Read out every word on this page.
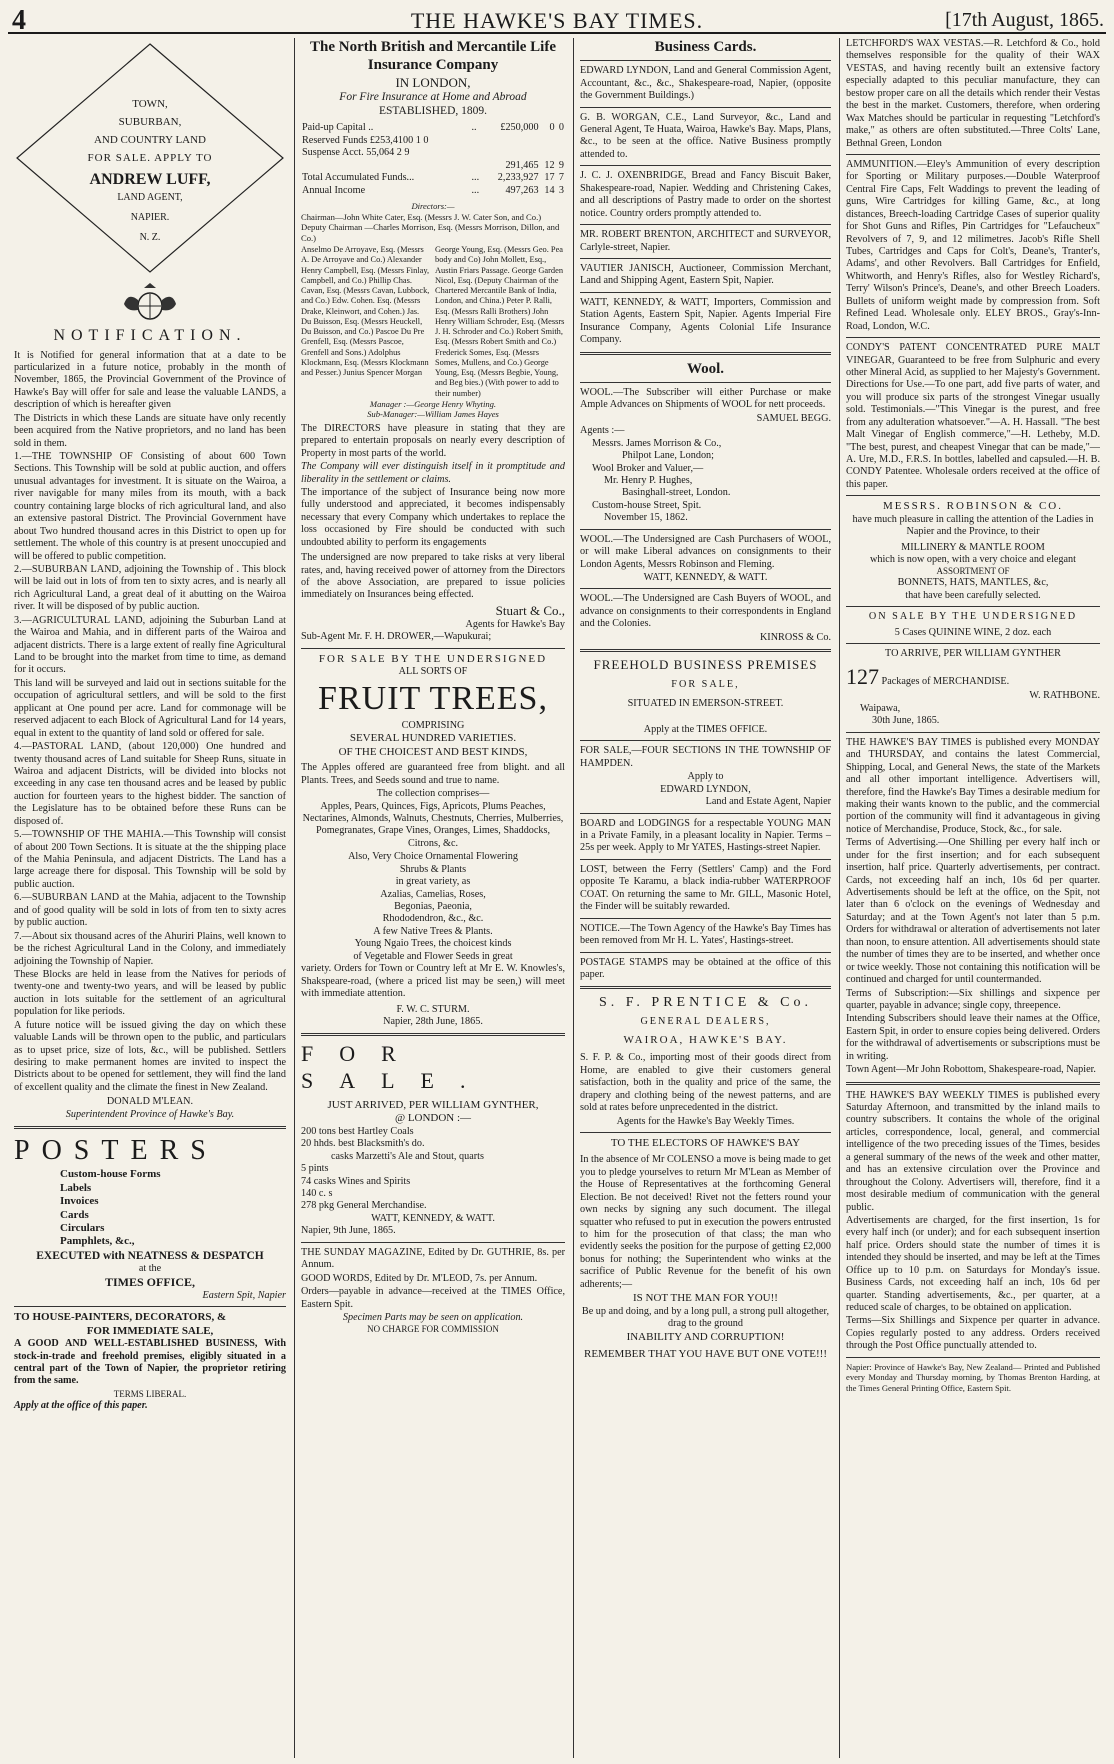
4	THE HAWKE'S BAY TIMES.	[17th August, 1865.
TOWN,
SUBURBAN,
AND COUNTRY LAND
FOR SALE. APPLY TO
ANDREW LUFF,
LAND AGENT,
NAPIER.
N. Z.
NOTIFICATION.

It is Notified for general information that at a date to be particularized in a future notice, probably in the month of November, 1865, the Provincial Government of the Province of Hawke's Bay will offer for sale and lease the valuable LANDS, a description of which is hereafter given

The Districts in which these Lands are situate have only recently been acquired from the Native proprietors, and no land has been sold in them.

1.—THE TOWNSHIP OF Consisting of about 600 Town Sections. This Township will be sold at public auction, and offers unusual advantages for investment. It is situate on the Wairoa, a river navigable for many miles from its mouth, with a back country containing large blocks of rich agricultural land, and also an extensive pastoral District. The Provincial Government have about Two hundred thousand acres in this District to open up for settlement. The whole of this country is at present unoccupied and will be offered to public competition.

2.—SUBURBAN LAND, adjoining the Township of . This block will be laid out in lots of from ten to sixty acres, and is nearly all rich Agricultural Land, a great deal of it abutting on the Wairoa river. It will be disposed of by public auction.

3.—AGRICULTURAL LAND, adjoining the Suburban Land at the Wairoa and Mahia, and in different parts of the Wairoa and adjacent districts. There is a large extent of really fine Agricultural Land to be brought into the market from time to time, as demand for it occurs.

This land will be surveyed and laid out in sections suitable for the occupation of agricultural settlers, and will be sold to the first applicant at One pound per acre. Land for commonage will be reserved adjacent to each Block of Agricultural Land for 14 years, equal in extent to the quantity of land sold or offered for sale.

4.—PASTORAL LAND, (about 120,000) One hundred and twenty thousand acres of Land suitable for Sheep Runs, situate in Wairoa and adjacent Districts, will be divided into blocks not exceeding in any case ten thousand acres and be leased by public auction for fourteen years to the highest bidder. The sanction of the Legislature has to be obtained before these Runs can be disposed of.

5.—TOWNSHIP OF THE MAHIA.—This Township will consist of about 200 Town Sections. It is situate at the the shipping place of the Mahia Peninsula, and adjacent Districts. The Land has a large acreage there for disposal. This Township will be sold by public auction.

6.—SUBURBAN LAND at the Mahia, adjacent to the Township and of good quality will be sold in lots of from ten to sixty acres by public auction.

7.—About six thousand acres of the Ahuriri Plains, well known to be the richest Agricultural Land in the Colony, and immediately adjoining the Township of Napier.

These Blocks are held in lease from the Natives for periods of twenty-one and twenty-two years, and will be leased by public auction in lots suitable for the settlement of an agricultural population for like periods.

A future notice will be issued giving the day on which these valuable Lands will be thrown open to the public, and particulars as to upset price, size of lots, &c., will be published. Settlers desiring to make permanent homes are invited to inspect the Districts about to be opened for settlement, they will find the land of excellent quality and the climate the finest in New Zealand.

DONALD M'LEAN.
Superintendent Province of Hawke's Bay.
POSTERS
Custom-house Forms
Labels
Invoices
Cards
Circulars
Pamphlets, &c.,
EXECUTED with NEATNESS & DESPATCH
at the
TIMES OFFICE,
Eastern Spit, Napier
TO HOUSE-PAINTERS, DECORATORS, &
FOR IMMEDIATE SALE,

A GOOD AND WELL-ESTABLISHED BUSINESS, With stock-in-trade and freehold premises, eligibly situated in a central part of the Town of Napier, the proprietor retiring from the same.

TERMS LIBERAL.
Apply at the office of this paper.
The North British and Mercantile Life Insurance Company
IN LONDON,
For Fire Insurance at Home and Abroad
ESTABLISHED, 1809.
Paid-up Capital ..	..	£250,000	0	0
Reserved Funds £253,4100 1 0				
Suspense Acct. 55,064 2 9				
		291,465	12	9
Total Accumulated Funds...	...	2,233,927	17	7
Annual Income	...	497,263	14	3
Directors:—
Chairman—John White Cater, Esq. (Messrs J. W. Cater Son, and Co.)
Deputy Chairman —Charles Morrison, Esq. (Messrs Morrison, Dillon, and Co.)
Anselmo De Arroyave, Esq. (Messrs A. De Arroyave and Co.) Alexander Henry Campbell, Esq. (Messrs Finlay, Campbell, and Co.) Phillip Chas. Cavan, Esq. (Messrs Cavan, Lubbock, and Co.) Edw. Cohen. Esq. (Messrs Drake, Kleinwort, and Cohen.) Jas. Du Buisson, Esq. (Messrs Heuckell, Du Buisson, and Co.) Pascoe Du Pre Grenfell, Esq. (Messrs Pascoe, Grenfell and Sons.) Adolphus Klockmann, Esq. (Messrs Klockmann and Pesser.) Junius Spencer Morgan
George Young, Esq. (Messrs Geo. Pea body and Co) John Mollett, Esq., Austin Friars Passage. George Garden Nicol, Esq. (Deputy Chairman of the Chartered Mercantile Bank of India, London, and China.) Peter P. Ralli, Esq. (Messrs Ralli Brothers) John Henry William Schroder, Esq. (Messrs J. H. Schroder and Co.) Robert Smith, Esq. (Messrs Robert Smith and Co.) Frederick Somes, Esq. (Messrs Somes, Mullens, and Co.) George Young, Esq. (Messrs Begbie, Young, and Beg bies.) (With power to add to their number)
Manager :—George Henry Whyting.
Sub-Manager:—William James Hayes

The DIRECTORS have pleasure in stating that they are prepared to entertain proposals on nearly every description of Property in most parts of the world.

The Company will ever distinguish itself in it promptitude and liberality in the settlement or claims.

The importance of the subject of Insurance being now more fully understood and appreciated, it becomes indispensably necessary that every Company which undertakes to replace the loss occasioned by Fire should be conducted with such undoubted ability to perform its engagements

The undersigned are now prepared to take risks at very liberal rates, and, having received power of attorney from the Directors of the above Association, are prepared to issue policies immediately on Insurances being effected.

Stuart & Co.,
Agents for Hawke's Bay
Sub-Agent Mr. F. H. DROWER,—Wapukurai;
FOR SALE BY THE UNDERSIGNED
ALL SORTS OF
FRUIT TREES,
COMPRISING
SEVERAL HUNDRED VARIETIES.
OF THE CHOICEST AND BEST KINDS,

The Apples offered are guaranteed free from blight. and all Plants. Trees, and Seeds sound and true to name.

The collection comprises—

Apples, Pears, Quinces, Figs, Apricots, Plums Peaches, Nectarines, Almonds, Walnuts, Chestnuts, Cherries, Mulberries, Pomegranates, Grape Vines, Oranges, Limes, Shaddocks, Citrons, &c.

Also, Very Choice Ornamental Flowering
Shrubs & Plants
in great variety, as
Azalias, Camelias, Roses,
Begonias, Paeonia,
Rhododendron, &c., &c.
A few Native Trees & Plants.
Young Ngaio Trees, the choicest kinds
of Vegetable and Flower Seeds in great

variety. Orders for Town or Country left at Mr E. W. Knowles's, Shakspeare-road, (where a priced list may be seen,) will meet with immediate attention.

F. W. C. STURM.
Napier, 28th June, 1865.
FOR SALE.
JUST ARRIVED, PER WILLIAM GYNTHER,
@ LONDON :—
200 tons best Hartley Coals
20 hhds. best Blacksmith's do.
casks Marzetti's Ale and Stout, quarts
5 pints
74 casks Wines and Spirits
140 c. s
278 pkg General Merchandise.
WATT, KENNEDY, & WATT.
Napier, 9th June, 1865.

THE SUNDAY MAGAZINE, Edited by Dr. GUTHRIE, 8s. per Annum.

GOOD WORDS, Edited by Dr. M'LEOD, 7s. per Annum.

Orders—payable in advance—received at the TIMES Office, Eastern Spit.

Specimen Parts may be seen on application.
NO CHARGE FOR COMMISSION
Business Cards.

EDWARD LYNDON, Land and General Commission Agent, Accountant, &c., &c., Shakespeare-road, Napier, (opposite the Government Buildings.)

G. B. WORGAN, C.E., Land Surveyor, &c., Land and General Agent, Te Huata, Wairoa, Hawke's Bay. Maps, Plans, &c., to be seen at the office. Native Business promptly attended to.

J. C. J. OXENBRIDGE, Bread and Fancy Biscuit Baker, Shakespeare-road, Napier. Wedding and Christening Cakes, and all descriptions of Pastry made to order on the shortest notice. Country orders promptly attended to.

MR. ROBERT BRENTON, ARCHITECT and SURVEYOR, Carlyle-street, Napier.

VAUTIER JANISCH, Auctioneer, Commission Merchant, Land and Shipping Agent, Eastern Spit, Napier.

WATT, KENNEDY, & WATT, Importers, Commission and Station Agents, Eastern Spit, Napier. Agents Imperial Fire Insurance Company, Agents Colonial Life Insurance Company.

Wool.

WOOL.—The Subscriber will either Purchase or make Ample Advances on Shipments of WOOL for nett proceeds.

SAMUEL BEGG.
Agents :—
Messrs. James Morrison & Co.,
Philpot Lane, London;
Wool Broker and Valuer,—
Mr. Henry P. Hughes,
Basinghall-street, London.
Custom-house Street, Spit.
November 15, 1862.

WOOL.—The Undersigned are Cash Purchasers of WOOL, or will make Liberal advances on consignments to their London Agents, Messrs Robinson and Fleming.

WATT, KENNEDY, & WATT.

WOOL.—The Undersigned are Cash Buyers of WOOL, and advance on consignments to their correspondents in England and the Colonies.

KINROSS & Co.
FREEHOLD BUSINESS PREMISES
FOR SALE,
SITUATED IN EMERSON-STREET.
Apply at the TIMES OFFICE.

FOR SALE,—FOUR SECTIONS IN THE TOWNSHIP OF HAMPDEN.

Apply to
EDWARD LYNDON,
Land and Estate Agent, Napier

BOARD and LODGINGS for a respectable YOUNG MAN in a Private Family, in a pleasant locality in Napier. Terms –25s per week. Apply to Mr YATES, Hastings-street Napier.

LOST, between the Ferry (Settlers' Camp) and the Ford opposite Te Karamu, a black india-rubber WATERPROOF COAT. On returning the same to Mr. GILL, Masonic Hotel, the Finder will be suitably rewarded.

NOTICE.—The Town Agency of the Hawke's Bay Times has been removed from Mr H. L. Yates', Hastings-street.

POSTAGE STAMPS may be obtained at the office of this paper.

S. F. PRENTICE & Co.
GENERAL DEALERS,
WAIROA, HAWKE'S BAY.

S. F. P. & Co., importing most of their goods direct from Home, are enabled to give their customers general satisfaction, both in the quality and price of the same, the drapery and clothing being of the newest patterns, and are sold at rates before unprecedented in the district.

Agents for the Hawke's Bay Weekly Times.
TO THE ELECTORS OF HAWKE'S BAY

In the absence of Mr COLENSO a move is being made to get you to pledge yourselves to return Mr M'Lean as Member of the House of Representatives at the forthcoming General Election. Be not deceived! Rivet not the fetters round your own necks by signing any such document. The illegal squatter who refused to put in execution the powers entrusted to him for the prosecution of that class; the man who evidently seeks the position for the purpose of getting £2,000 bonus for nothing; the Superintendent who winks at the sacrifice of Public Revenue for the benefit of his own adherents;—

IS NOT THE MAN FOR YOU!!

Be up and doing, and by a long pull, a strong pull altogether, drag to the ground

INABILITY AND CORRUPTION!
REMEMBER THAT YOU HAVE BUT ONE VOTE!!!

LETCHFORD'S WAX VESTAS.—R. Letchford & Co., hold themselves responsible for the quality of their WAX VESTAS, and having recently built an extensive factory especially adapted to this peculiar manufacture, they can bestow proper care on all the details which render their Vestas the best in the market. Customers, therefore, when ordering Wax Matches should be particular in requesting "Letchford's make," as others are often substituted.—Three Colts' Lane, Bethnal Green, London

AMMUNITION.—Eley's Ammunition of every description for Sporting or Military purposes.—Double Waterproof Central Fire Caps, Felt Waddings to prevent the leading of guns, Wire Cartridges for killing Game, &c., at long distances, Breech-loading Cartridge Cases of superior quality for Shot Guns and Rifles, Pin Cartridges for "Lefaucheux" Revolvers of 7, 9, and 12 milimetres. Jacob's Rifle Shell Tubes, Cartridges and Caps for Colt's, Deane's, Tranter's, Adams', and other Revolvers. Ball Cartridges for Enfield, Whitworth, and Henry's Rifles, also for Westley Richard's, Terry' Wilson's Prince's, Deane's, and other Breech Loaders. Bullets of uniform weight made by compression from. Soft Refined Lead. Wholesale only. ELEY BROS., Gray's-Inn-Road, London, W.C.

CONDY'S PATENT CONCENTRATED PURE MALT VINEGAR, Guaranteed to be free from Sulphuric and every other Mineral Acid, as supplied to her Majesty's Government. Directions for Use.—To one part, add five parts of water, and you will produce six parts of the strongest Vinegar usually sold. Testimonials.—"This Vinegar is the purest, and free from any adulteration whatsoever."—A. H. Hassall. "The best Malt Vinegar of English commerce,"—H. Letheby, M.D. "The best, purest, and cheapest Vinegar that can be made,"—A. Ure, M.D., F.R.S. In bottles, labelled and capsuled.—H. B. CONDY Patentee. Wholesale orders received at the office of this paper.

MESSRS. ROBINSON & CO.

have much pleasure in calling the attention of the Ladies in Napier and the Province, to their

MILLINERY & MANTLE ROOM
which is now open, with a very choice and elegant
ASSORTMENT OF
BONNETS, HATS, MANTLES, &c,
that have been carefully selected.
ON SALE BY THE UNDERSIGNED
5 Cases QUININE WINE, 2 doz. each
TO ARRIVE, PER WILLIAM GYNTHER
127 Packages of MERCHANDISE.
W. RATHBONE.
Waipawa,
30th June, 1865.

THE HAWKE'S BAY TIMES is published every MONDAY and THURSDAY, and contains the latest Commercial, Shipping, Local, and General News, the state of the Markets and all other important intelligence. Advertisers will, therefore, find the Hawke's Bay Times a desirable medium for making their wants known to the public, and the commercial portion of the community will find it advantageous in giving notice of Merchandise, Produce, Stock, &c., for sale.

Terms of Advertising.—One Shilling per every half inch or under for the first insertion; and for each subsequent insertion, half price. Quarterly advertisements, per contract. Cards, not exceeding half an inch, 10s 6d per quarter. Advertisements should be left at the office, on the Spit, not later than 6 o'clock on the evenings of Wednesday and Saturday; and at the Town Agent's not later than 5 p.m. Orders for withdrawal or alteration of advertisements not later than noon, to ensure attention. All advertisements should state the number of times they are to be inserted, and whether once or twice weekly. Those not containing this notification will be continued and charged for until countermanded.

Terms of Subscription:—Six shillings and sixpence per quarter, payable in advance; single copy, threepence.

Intending Subscribers should leave their names at the Office, Eastern Spit, in order to ensure copies being delivered. Orders for the withdrawal of advertisements or subscriptions must be in writing.

Town Agent—Mr John Robottom, Shakespeare-road, Napier.

THE HAWKE'S BAY WEEKLY TIMES is published every Saturday Afternoon, and transmitted by the inland mails to country subscribers. It contains the whole of the original articles, correspondence, local, general, and commercial intelligence of the two preceding issues of the Times, besides a general summary of the news of the week and other matter, and has an extensive circulation over the Province and throughout the Colony. Advertisers will, therefore, find it a most desirable medium of communication with the general public.

Advertisements are charged, for the first insertion, 1s for every half inch (or under); and for each subsequent insertion half price. Orders should state the number of times it is intended they should be inserted, and may be left at the Times Office up to 10 p.m. on Saturdays for Monday's issue. Business Cards, not exceeding half an inch, 10s 6d per quarter. Standing advertisements, &c., per quarter, at a reduced scale of charges, to be obtained on application.

Terms—Six Shillings and Sixpence per quarter in advance. Copies regularly posted to any address. Orders received through the Post Office punctually attended to.

Napier: Province of Hawke's Bay, New Zealand— Printed and Published every Monday and Thursday morning, by Thomas Brenton Harding, at the Times General Printing Office, Eastern Spit.
